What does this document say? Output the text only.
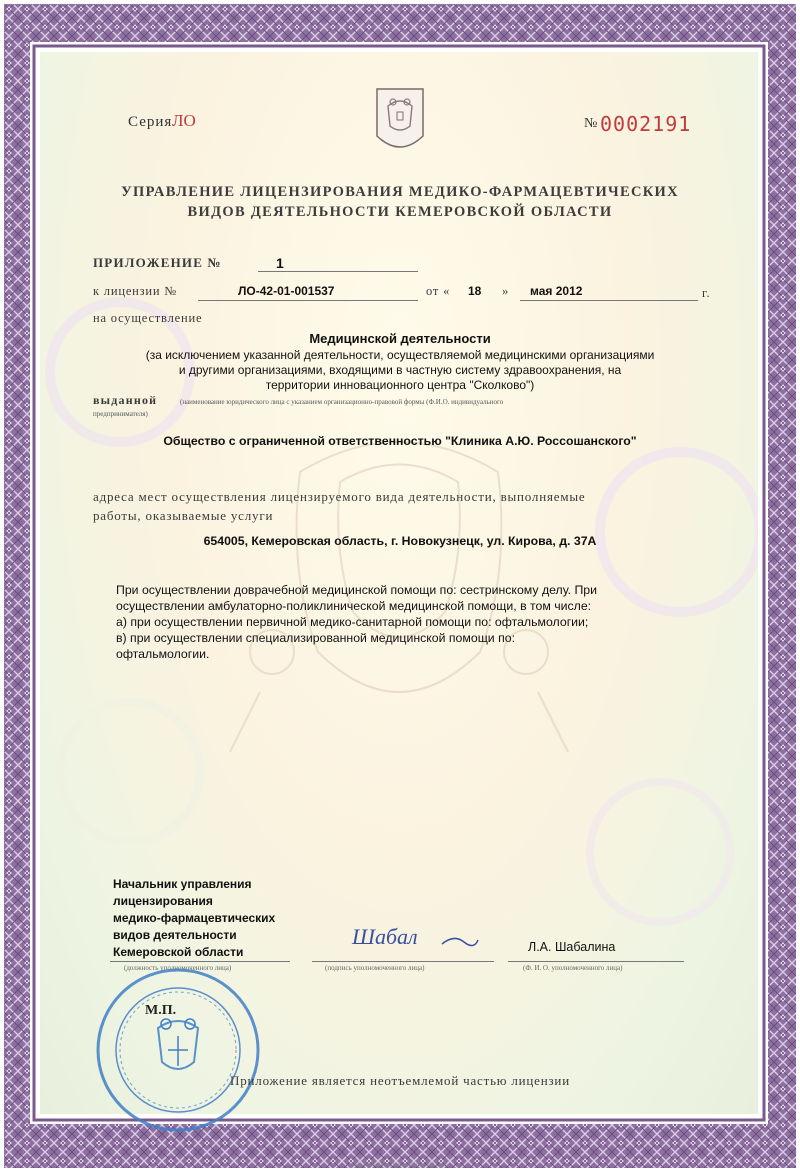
Серия ЛО	№ 0002191
УПРАВЛЕНИЕ ЛИЦЕНЗИРОВАНИЯ МЕДИКО-ФАРМАЦЕВТИЧЕСКИХ
ВИДОВ ДЕЯТЕЛЬНОСТИ КЕМЕРОВСКОЙ ОБЛАСТИ
ПРИЛОЖЕНИЕ №	1
к лицензии №	ЛО-42-01-001537	от « 18 » мая 2012	г.
на осуществление
Медицинской деятельности
(за исключением указанной деятельности, осуществляемой медицинскими организациями
и другими организациями, входящими в частную систему здравоохранения, на
территории инновационного центра "Сколково")
выданной	(наименование юридического лица с указанием организационно-правовой формы (Ф.И.О. индивидуального
предпринимателя)
Общество с ограниченной ответственностью "Клиника А.Ю. Россошанского"
адреса мест осуществления лицензируемого вида деятельности, выполняемые
работы, оказываемые услуги
654005, Кемеровская область, г. Новокузнецк, ул. Кирова, д. 37А
При осуществлении доврачебной медицинской помощи по: сестринскому делу. При
осуществлении амбулаторно-поликлинической медицинской помощи, в том числе:
а) при осуществлении первичной медико-санитарной помощи по: офтальмологии;
в) при осуществлении специализированной медицинской помощи по:
офтальмологии.
Начальник управления
лицензирования
медико-фармацевтических
видов деятельности
Кемеровской области
(должность уполномоченного лица)
Шабал
(подпись уполномоченного лица)
Л.А. Шабалина
(Ф. И. О. уполномоченного лица)
М.П.
Приложение является неотъемлемой частью лицензии
ЗАО «СИБИРО», Новосибирск, 2012, «Б»
